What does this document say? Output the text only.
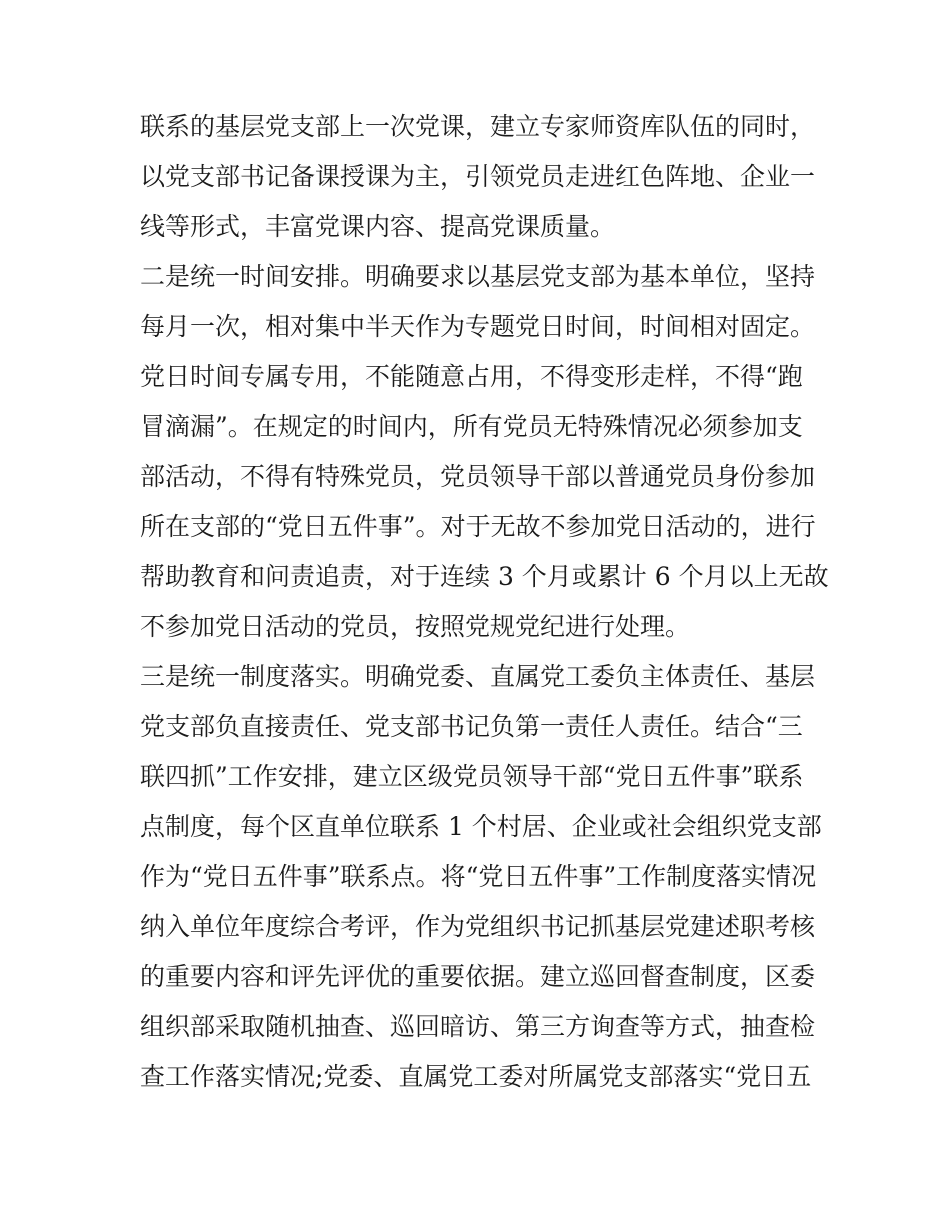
联系的基层党支部上一次党课，建立专家师资库队伍的同时，
以党支部书记备课授课为主，引领党员走进红色阵地、企业一
线等形式，丰富党课内容、提高党课质量。
二是统一时间安排。明确要求以基层党支部为基本单位，坚持
每月一次，相对集中半天作为专题党日时间，时间相对固定。
党日时间专属专用，不能随意占用，不得变形走样，不得“跑
冒滴漏”。在规定的时间内，所有党员无特殊情况必须参加支
部活动，不得有特殊党员，党员领导干部以普通党员身份参加
所在支部的“党日五件事”。对于无故不参加党日活动的，进行
帮助教育和问责追责，对于连续 3 个月或累计 6 个月以上无故
不参加党日活动的党员，按照党规党纪进行处理。
三是统一制度落实。明确党委、直属党工委负主体责任、基层
党支部负直接责任、党支部书记负第一责任人责任。结合“三
联四抓”工作安排，建立区级党员领导干部“党日五件事”联系
点制度，每个区直单位联系 1 个村居、企业或社会组织党支部
作为“党日五件事”联系点。将“党日五件事”工作制度落实情况
纳入单位年度综合考评，作为党组织书记抓基层党建述职考核
的重要内容和评先评优的重要依据。建立巡回督查制度，区委
组织部采取随机抽查、巡回暗访、第三方询查等方式，抽查检
查工作落实情况;党委、直属党工委对所属党支部落实“党日五
